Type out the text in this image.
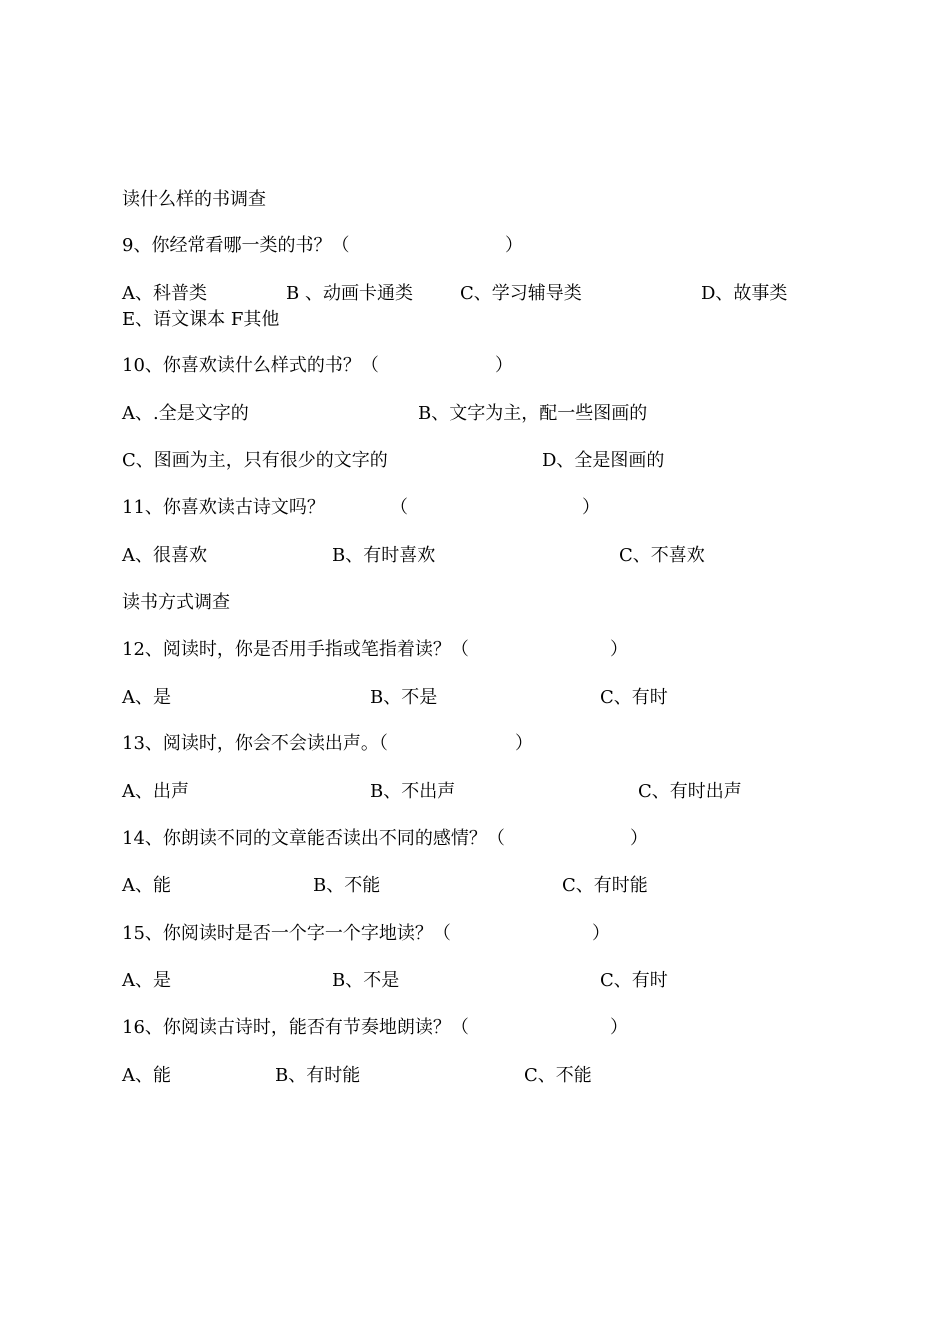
读什么样的书调查
9、你经常看哪一类的书？（	）
A、科普类	B 、动画卡通类	C、学习辅导类	D、故事类
E、语文课本 F其他
10、你喜欢读什么样式的书？（	）
A、.全是文字的	B、文字为主，配一些图画的
C、图画为主，只有很少的文字的	D、全是图画的
11、你喜欢读古诗文吗？	（	）
A、很喜欢	B、有时喜欢	C、不喜欢
读书方式调查
12、阅读时，你是否用手指或笔指着读？（	）
A、是	B、不是	C、有时
13、阅读时，你会不会读出声。（	）
A、出声	B、不出声	C、有时出声
14、你朗读不同的文章能否读出不同的感情？（	）
A、能	B、不能	C、有时能
15、你阅读时是否一个字一个字地读？（	）
A、是	B、不是	C、有时
16、你阅读古诗时，能否有节奏地朗读？（	）
A、能	B、有时能	C、不能
